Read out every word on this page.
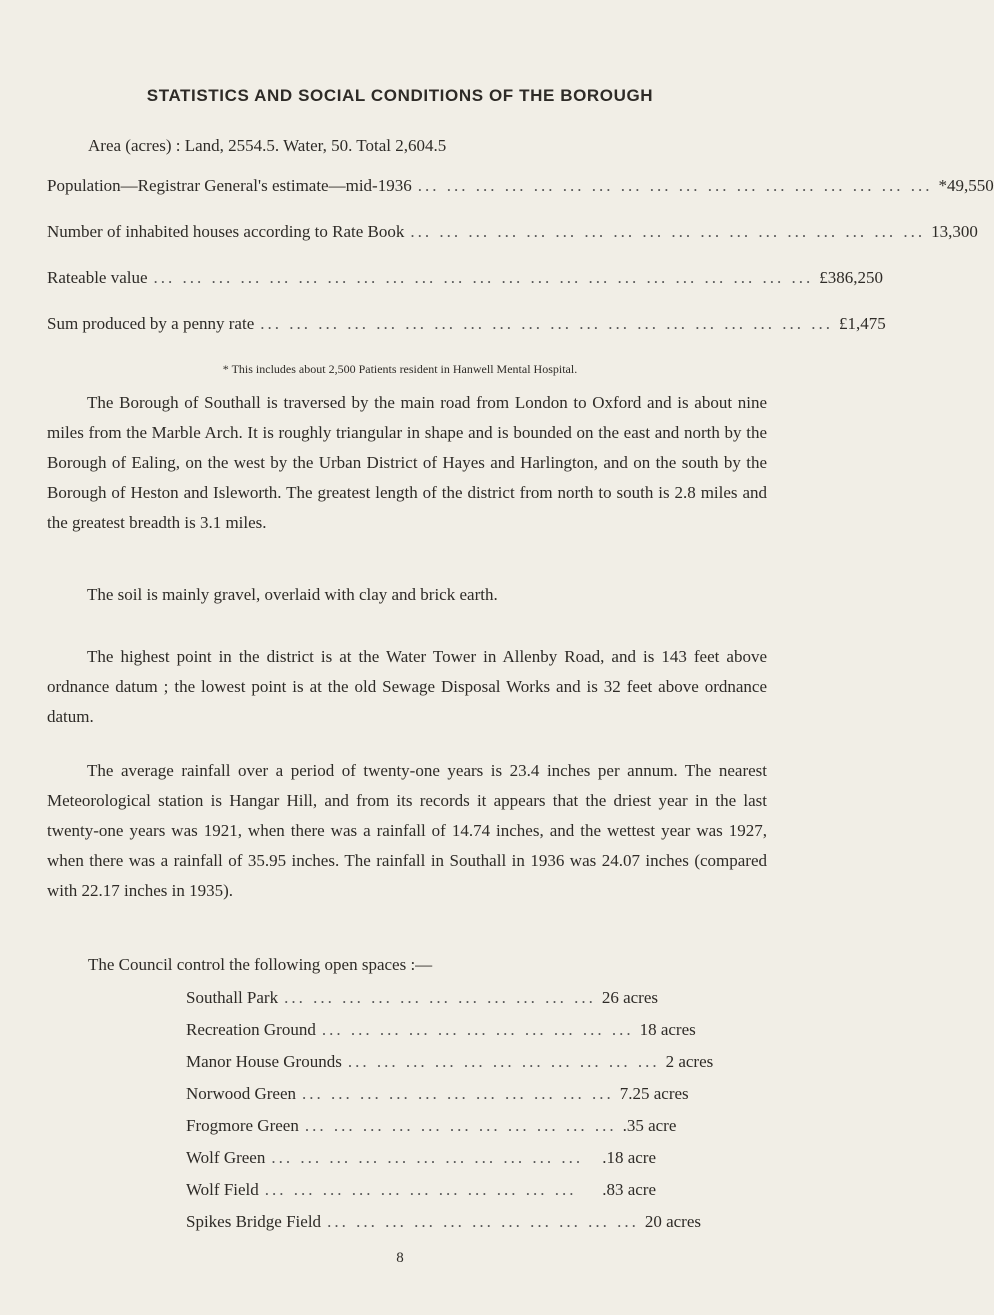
STATISTICS AND SOCIAL CONDITIONS OF THE BOROUGH
Area (acres) : Land, 2554.5. Water, 50. Total 2,604.5
Population—Registrar General's estimate—mid-1936 ... ... ... ... ... ... ... ... ... ... ... ... ... ... ... ... ... ... *49,550
Number of inhabited houses according to Rate Book ... ... ... ... ... ... ... ... ... ... ... ... ... ... ... ... ... ... 13,300
Rateable value ... ... ... ... ... ... ... ... ... ... ... ... ... ... ... ... ... ... ... ... ... ... ... £386,250
Sum produced by a penny rate ... ... ... ... ... ... ... ... ... ... ... ... ... ... ... ... ... ... ... ... £1,475
* This includes about 2,500 Patients resident in Hanwell Mental Hospital.

The Borough of Southall is traversed by the main road from London to Oxford and is about nine miles from the Marble Arch. It is roughly triangular in shape and is bounded on the east and north by the Borough of Ealing, on the west by the Urban District of Hayes and Harlington, and on the south by the Borough of Heston and Isleworth. The greatest length of the district from north to south is 2.8 miles and the greatest breadth is 3.1 miles.

The soil is mainly gravel, overlaid with clay and brick earth.

The highest point in the district is at the Water Tower in Allenby Road, and is 143 feet above ordnance datum ; the lowest point is at the old Sewage Disposal Works and is 32 feet above ordnance datum.

The average rainfall over a period of twenty-one years is 23.4 inches per annum. The nearest Meteorological station is Hangar Hill, and from its records it appears that the driest year in the last twenty-one years was 1921, when there was a rainfall of 14.74 inches, and the wettest year was 1927, when there was a rainfall of 35.95 inches. The rainfall in Southall in 1936 was 24.07 inches (compared with 22.17 inches in 1935).

The Council control the following open spaces :—
Southall Park ... ... ... ... ... ... ... ... ... ... ... 26 acres
Recreation Ground ... ... ... ... ... ... ... ... ... ... ... 18 acres
Manor House Grounds ... ... ... ... ... ... ... ... ... ... ... 2 acres
Norwood Green ... ... ... ... ... ... ... ... ... ... ... 7.25 acres
Frogmore Green ... ... ... ... ... ... ... ... ... ... ... .35 acre
Wolf Green ... ... ... ... ... ... ... ... ... ... ...	.18 acre
Wolf Field ... ... ... ... ... ... ... ... ... ... ...	.83 acre
Spikes Bridge Field ... ... ... ... ... ... ... ... ... ... ... 20 acres
8
